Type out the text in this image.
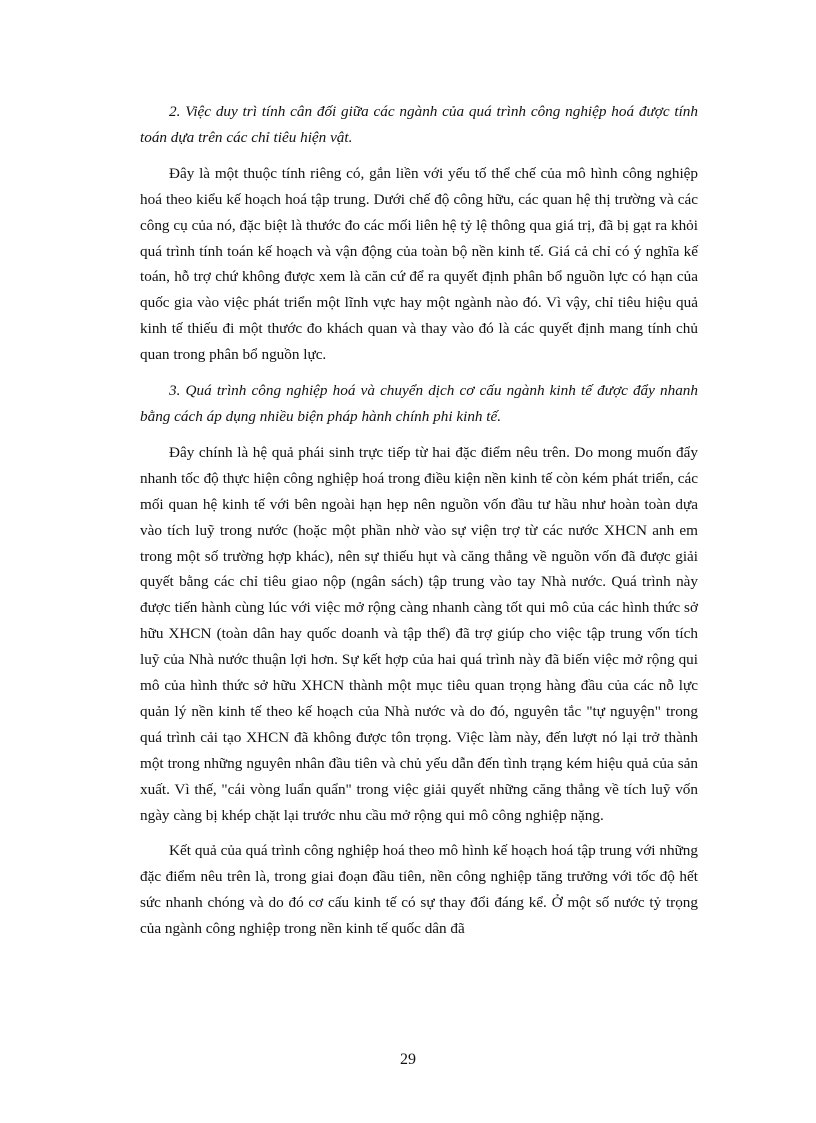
2. Việc duy trì tính cân đối giữa các ngành của quá trình công nghiệp hoá được tính toán dựa trên các chỉ tiêu hiện vật.

Đây là một thuộc tính riêng có, gắn liền với yếu tố thể chế của mô hình công nghiệp hoá theo kiểu kế hoạch hoá tập trung. Dưới chế độ công hữu, các quan hệ thị trường và các công cụ của nó, đặc biệt là thước đo các mối liên hệ tỷ lệ thông qua giá trị, đã bị gạt ra khỏi quá trình tính toán kế hoạch và vận động của toàn bộ nền kinh tế. Giá cả chỉ có ý nghĩa kế toán, hỗ trợ chứ không được xem là căn cứ để ra quyết định phân bổ nguồn lực có hạn của quốc gia vào việc phát triển một lĩnh vực hay một ngành nào đó. Vì vậy, chỉ tiêu hiệu quả kinh tế thiếu đi một thước đo khách quan và thay vào đó là các quyết định mang tính chủ quan trong phân bổ nguồn lực.

3. Quá trình công nghiệp hoá và chuyển dịch cơ cấu ngành kinh tế được đẩy nhanh bằng cách áp dụng nhiều biện pháp hành chính phi kinh tế.

Đây chính là hệ quả phái sinh trực tiếp từ hai đặc điểm nêu trên. Do mong muốn đẩy nhanh tốc độ thực hiện công nghiệp hoá trong điều kiện nền kinh tế còn kém phát triển, các mối quan hệ kinh tế với bên ngoài hạn hẹp nên nguồn vốn đầu tư hầu như hoàn toàn dựa vào tích luỹ trong nước (hoặc một phần nhờ vào sự viện trợ từ các nước XHCN anh em trong một số trường hợp khác), nên sự thiếu hụt và căng thẳng về nguồn vốn đã được giải quyết bằng các chỉ tiêu giao nộp (ngân sách) tập trung vào tay Nhà nước. Quá trình này được tiến hành cùng lúc với việc mở rộng càng nhanh càng tốt qui mô của các hình thức sở hữu XHCN (toàn dân hay quốc doanh và tập thể) đã trợ giúp cho việc tập trung vốn tích luỹ của Nhà nước thuận lợi hơn. Sự kết hợp của hai quá trình này đã biến việc mở rộng qui mô của hình thức sở hữu XHCN thành một mục tiêu quan trọng hàng đầu của các nỗ lực quản lý nền kinh tế theo kế hoạch của Nhà nước và do đó, nguyên tắc "tự nguyện" trong quá trình cải tạo XHCN đã không được tôn trọng. Việc làm này, đến lượt nó lại trở thành một trong những nguyên nhân đầu tiên và chủ yếu dẫn đến tình trạng kém hiệu quả của sản xuất. Vì thế, "cái vòng luẩn quẩn" trong việc giải quyết những căng thẳng về tích luỹ vốn ngày càng bị khép chặt lại trước nhu cầu mở rộng qui mô công nghiệp nặng.

Kết quả của quá trình công nghiệp hoá theo mô hình kế hoạch hoá tập trung với những đặc điểm nêu trên là, trong giai đoạn đầu tiên, nền công nghiệp tăng trưởng với tốc độ hết sức nhanh chóng và do đó cơ cấu kinh tế có sự thay đổi đáng kể. Ở một số nước tỷ trọng của ngành công nghiệp trong nền kinh tế quốc dân đã

29
